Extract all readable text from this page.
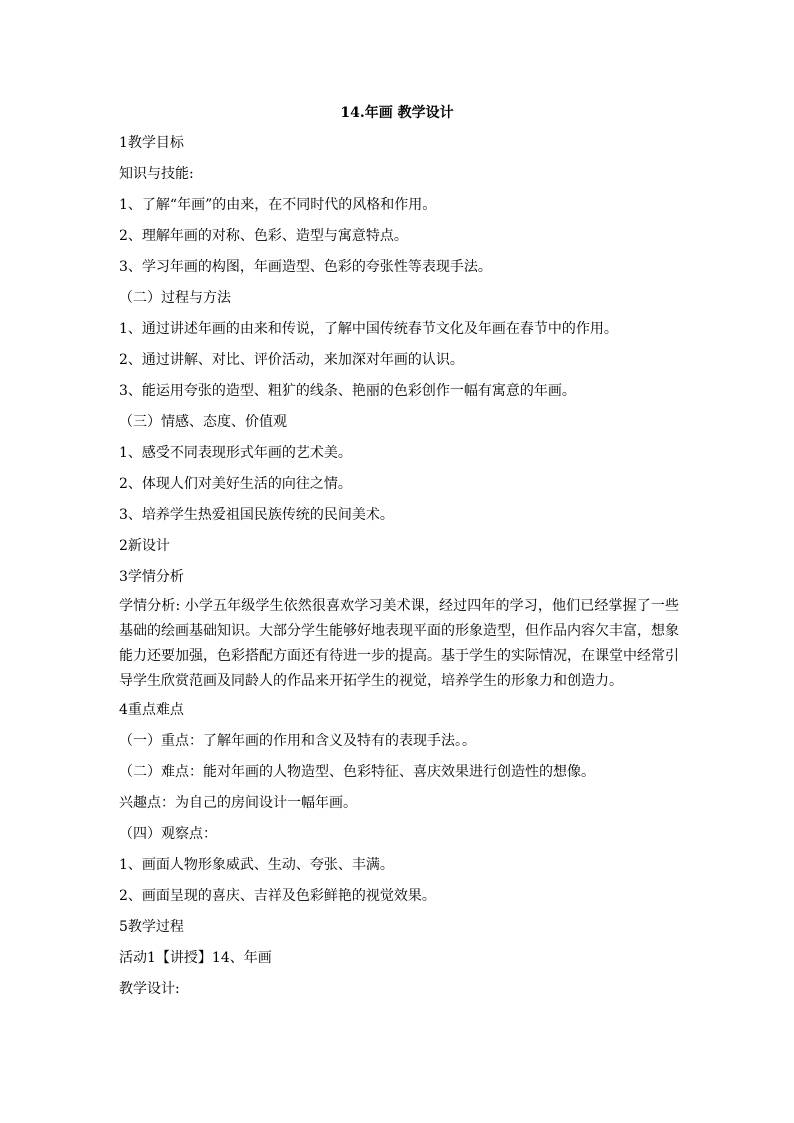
14.年画 教学设计
1教学目标
知识与技能:
1、了解“年画”的由来，在不同时代的风格和作用。
2、理解年画的对称、色彩、造型与寓意特点。
3、学习年画的构图，年画造型、色彩的夸张性等表现手法。
（二）过程与方法
1、通过讲述年画的由来和传说，了解中国传统春节文化及年画在春节中的作用。
2、通过讲解、对比、评价活动，来加深对年画的认识。
3、能运用夸张的造型、粗犷的线条、艳丽的色彩创作一幅有寓意的年画。
（三）情感、态度、价值观
1、感受不同表现形式年画的艺术美。
2、体现人们对美好生活的向往之情。
3、培养学生热爱祖国民族传统的民间美术。
2新设计
3学情分析
学情分析: 小学五年级学生依然很喜欢学习美术课，经过四年的学习，他们已经掌握了一些基础的绘画基础知识。大部分学生能够好地表现平面的形象造型，但作品内容欠丰富，想象能力还要加强，色彩搭配方面还有待进一步的提高。基于学生的实际情况，在课堂中经常引导学生欣赏范画及同龄人的作品来开拓学生的视觉，培养学生的形象力和创造力。
4重点难点
（一）重点：了解年画的作用和含义及特有的表现手法。。
（二）难点：能对年画的人物造型、色彩特征、喜庆效果进行创造性的想像。
兴趣点：为自己的房间设计一幅年画。
（四）观察点：
1、画面人物形象威武、生动、夸张、丰满。
2、画面呈现的喜庆、吉祥及色彩鲜艳的视觉效果。
5教学过程
活动1【讲授】14、年画
教学设计:
